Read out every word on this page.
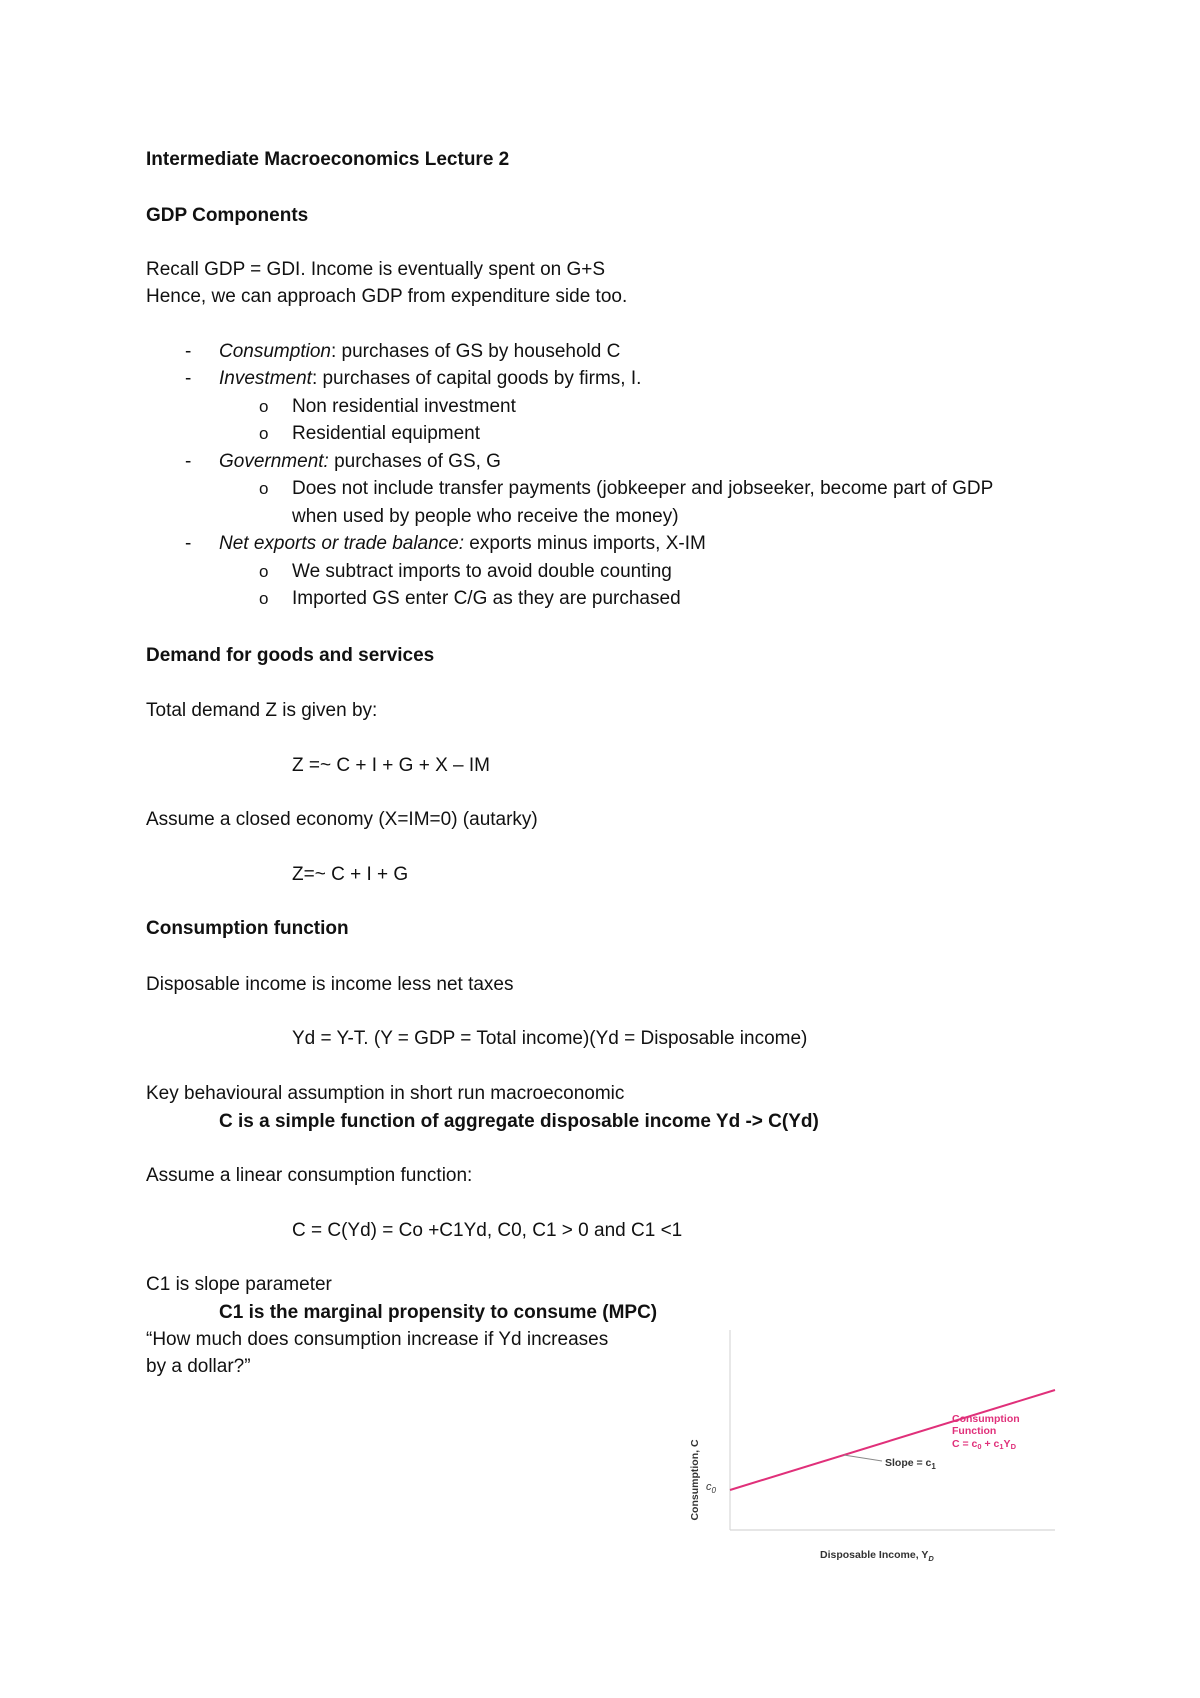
Intermediate Macroeconomics Lecture 2

GDP Components

Recall GDP = GDI. Income is eventually spent on G+S

Hence, we can approach GDP from expenditure side too.

- Consumption: purchases of GS by household C

- Investment: purchases of capital goods by firms, I.

o Non residential investment

o Residential equipment

- Government: purchases of GS, G

o Does not include transfer payments (jobkeeper and jobseeker, become part of GDP

when used by people who receive the money)

- Net exports or trade balance: exports minus imports, X-IM

o We subtract imports to avoid double counting

o Imported GS enter C/G as they are purchased

Demand for goods and services

Total demand Z is given by:

Z =~ C + I + G + X – IM

Assume a closed economy (X=IM=0) (autarky)

Z=~ C + I + G

Consumption function

Disposable income is income less net taxes

Yd = Y-T. (Y = GDP = Total income)(Yd = Disposable income)

Key behavioural assumption in short run macroeconomic

C is a simple function of aggregate disposable income Yd -> C(Yd)

Assume a linear consumption function:

C = C(Yd) = Co +C1Yd, C0, C1 > 0 and C1 <1

C1 is slope parameter

C1 is the marginal propensity to consume (MPC)

“How much does consumption increase if Yd increases

by a dollar?”

Consumption, C $c_0$
Slope = $c_1$
Consumption
Function
C = c0 + c1YD
Disposable Income, $Y_D$
